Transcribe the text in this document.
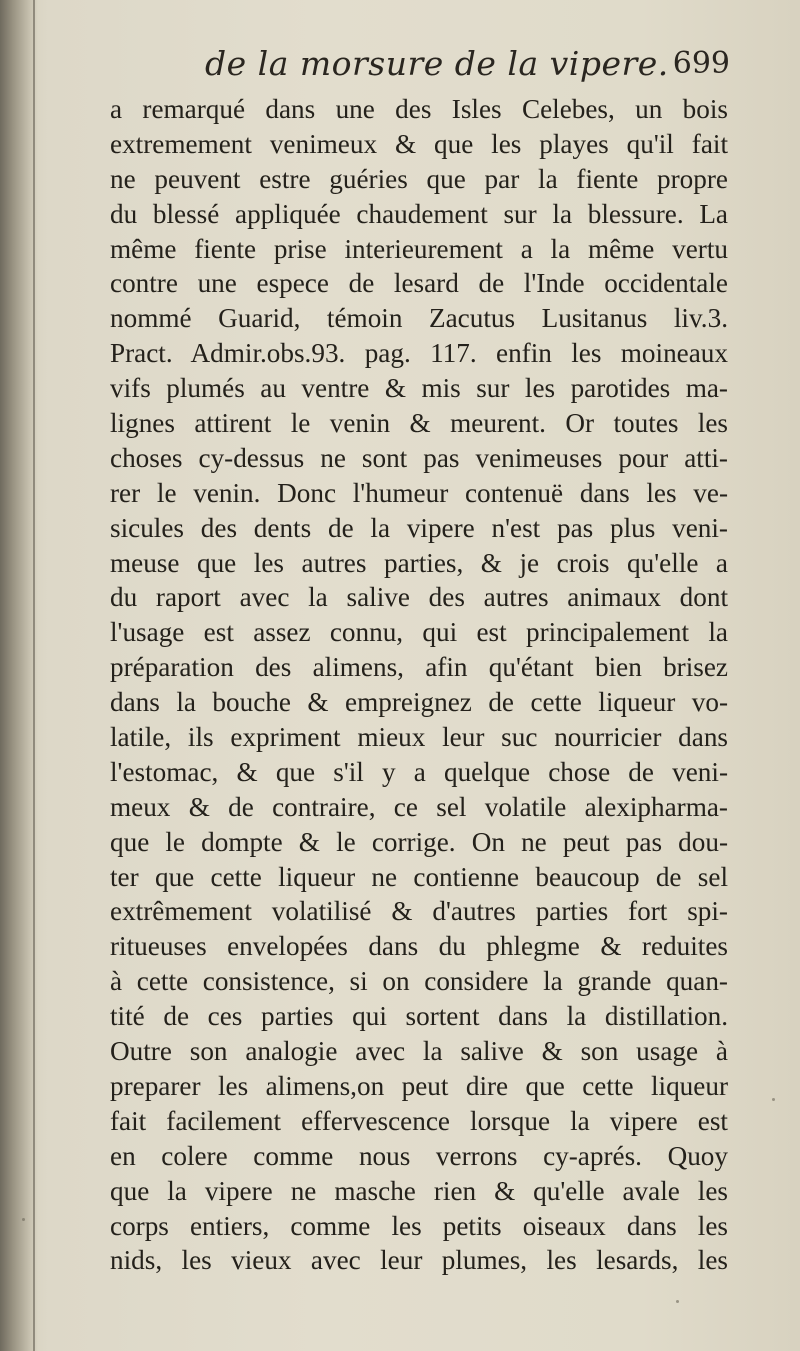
de la morsure de la vipere. 699
a remarqué dans une des Isles Celebes, un bois
extremement venimeux & que les playes qu'il fait
ne peuvent estre guéries que par la fiente propre
du blessé appliquée chaudement sur la blessure. La
même fiente prise interieurement a la même vertu
contre une espece de lesard de l'Inde occidentale
nommé Guarid, témoin Zacutus Lusitanus liv.3.
Pract. Admir.obs.93. pag. 117. enfin les moineaux
vifs plumés au ventre & mis sur les parotides ma-
lignes attirent le venin & meurent. Or toutes les
choses cy-dessus ne sont pas venimeuses pour atti-
rer le venin. Donc l'humeur contenuë dans les ve-
sicules des dents de la vipere n'est pas plus veni-
meuse que les autres parties, & je crois qu'elle a
du raport avec la salive des autres animaux dont
l'usage est assez connu, qui est principalement la
préparation des alimens, afin qu'étant bien brisez
dans la bouche & empreignez de cette liqueur vo-
latile, ils expriment mieux leur suc nourricier dans
l'estomac, & que s'il y a quelque chose de veni-
meux & de contraire, ce sel volatile alexipharma-
que le dompte & le corrige. On ne peut pas dou-
ter que cette liqueur ne contienne beaucoup de sel
extrêmement volatilisé & d'autres parties fort spi-
ritueuses envelopées dans du phlegme & reduites
à cette consistence, si on considere la grande quan-
tité de ces parties qui sortent dans la distillation.
Outre son analogie avec la salive & son usage à
preparer les alimens,on peut dire que cette liqueur
fait facilement effervescence lorsque la vipere est
en colere comme nous verrons cy-aprés. Quoy
que la vipere ne masche rien & qu'elle avale les
corps entiers, comme les petits oiseaux dans les
nids, les vieux avec leur plumes, les lesards, les
